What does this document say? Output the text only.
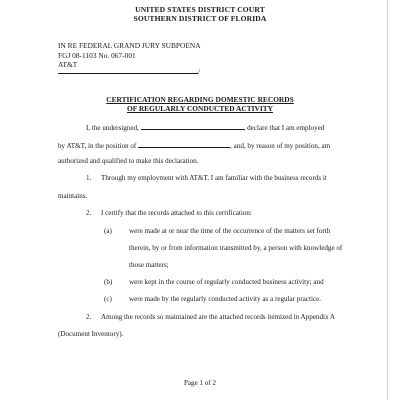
UNITED STATES DISTRICT COURT
SOUTHERN DISTRICT OF FLORIDA
IN RE FEDERAL GRAND JURY SUBPOENA
FGJ 08-1103 No. 067-001
AT&T
/
CERTIFICATION REGARDING DOMESTIC RECORDS
OF REGULARLY CONDUCTED ACTIVITY
I, the undersigned,	, declare that I am employed
by AT&T, in the position of	, and, by reason of my position, am
authorized and qualified to make this declaration.
1. Through my employment with AT&T, I am familiar with the business records it
maintains.
2. I certify that the records attached to this certification:
(a) were made at or near the time of the occurrence of the matters set forth
therein, by or from information transmitted by, a person with knowledge of
those matters;
(b) were kept in the course of regularly conducted business activity; and
(c) were made by the regularly conducted activity as a regular practice.
2. Among the records so maintained are the attached records itemized in Appendix A
(Document Inventory).
Page 1 of 2
